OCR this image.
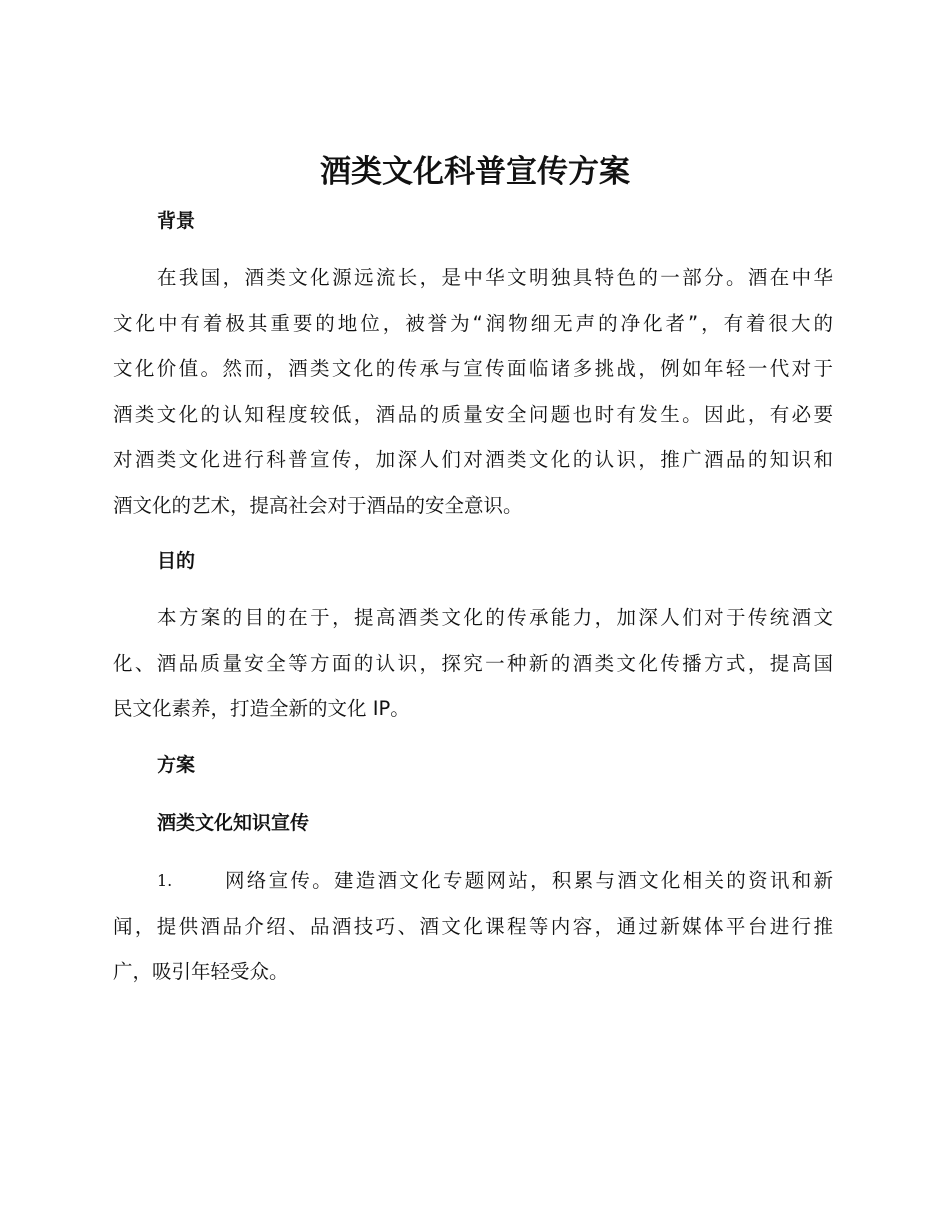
酒类文化科普宣传方案
背景
在我国，酒类文化源远流长，是中华文明独具特色的一部分。酒在中华
文化中有着极其重要的地位，被誉为“润物细无声的净化者”，有着很大的
文化价值。然而，酒类文化的传承与宣传面临诸多挑战，例如年轻一代对于
酒类文化的认知程度较低，酒品的质量安全问题也时有发生。因此，有必要
对酒类文化进行科普宣传，加深人们对酒类文化的认识，推广酒品的知识和
酒文化的艺术，提高社会对于酒品的安全意识。
目的
本方案的目的在于，提高酒类文化的传承能力，加深人们对于传统酒文
化、酒品质量安全等方面的认识，探究一种新的酒类文化传播方式，提高国
民文化素养，打造全新的文化 IP。
方案
酒类文化知识宣传
1.	网络宣传。建造酒文化专题网站，积累与酒文化相关的资讯和新
闻，提供酒品介绍、品酒技巧、酒文化课程等内容，通过新媒体平台进行推
广，吸引年轻受众。
